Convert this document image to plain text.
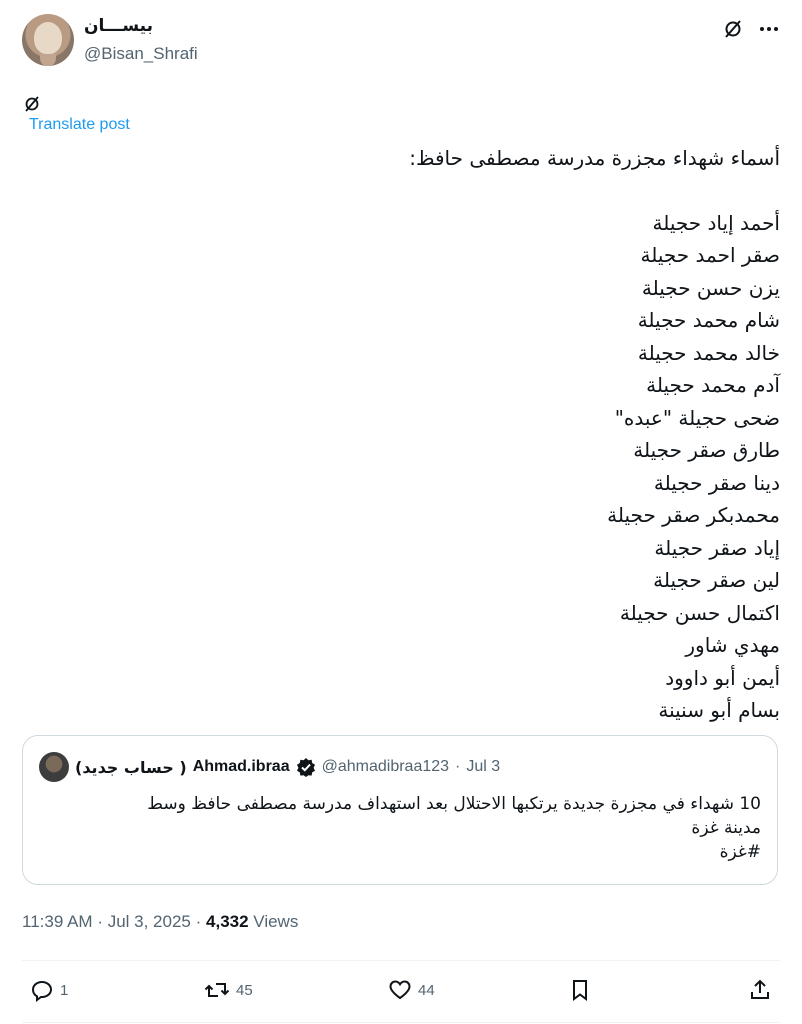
بيســـان
@Bisan_Shrafi
Translate post
أسماء شهداء مجزرة مدرسة مصطفى حافظ:
أحمد إياد حجيلة
صقر احمد حجيلة
يزن حسن حجيلة
شام محمد حجيلة
خالد محمد حجيلة
آدم محمد حجيلة
ضحى حجيلة "عبده"
طارق صقر حجيلة
دينا صقر حجيلة
محمدبكر صقر حجيلة
إياد صقر حجيلة
لين صقر حجيلة
اكتمال حسن حجيلة
مهدي شاور
أيمن أبو داوود
بسام أبو سنينة
( حساب جديد) Ahmad.ibraa @ahmadibraa123 · Jul 3
10 شهداء في مجزرة جديدة يرتكبها الاحتلال بعد استهداف مدرسة مصطفى حافظ وسط
مدينة غزة
#غزة
11:39 AM · Jul 3, 2025 · 4,332 Views
1	45	44
